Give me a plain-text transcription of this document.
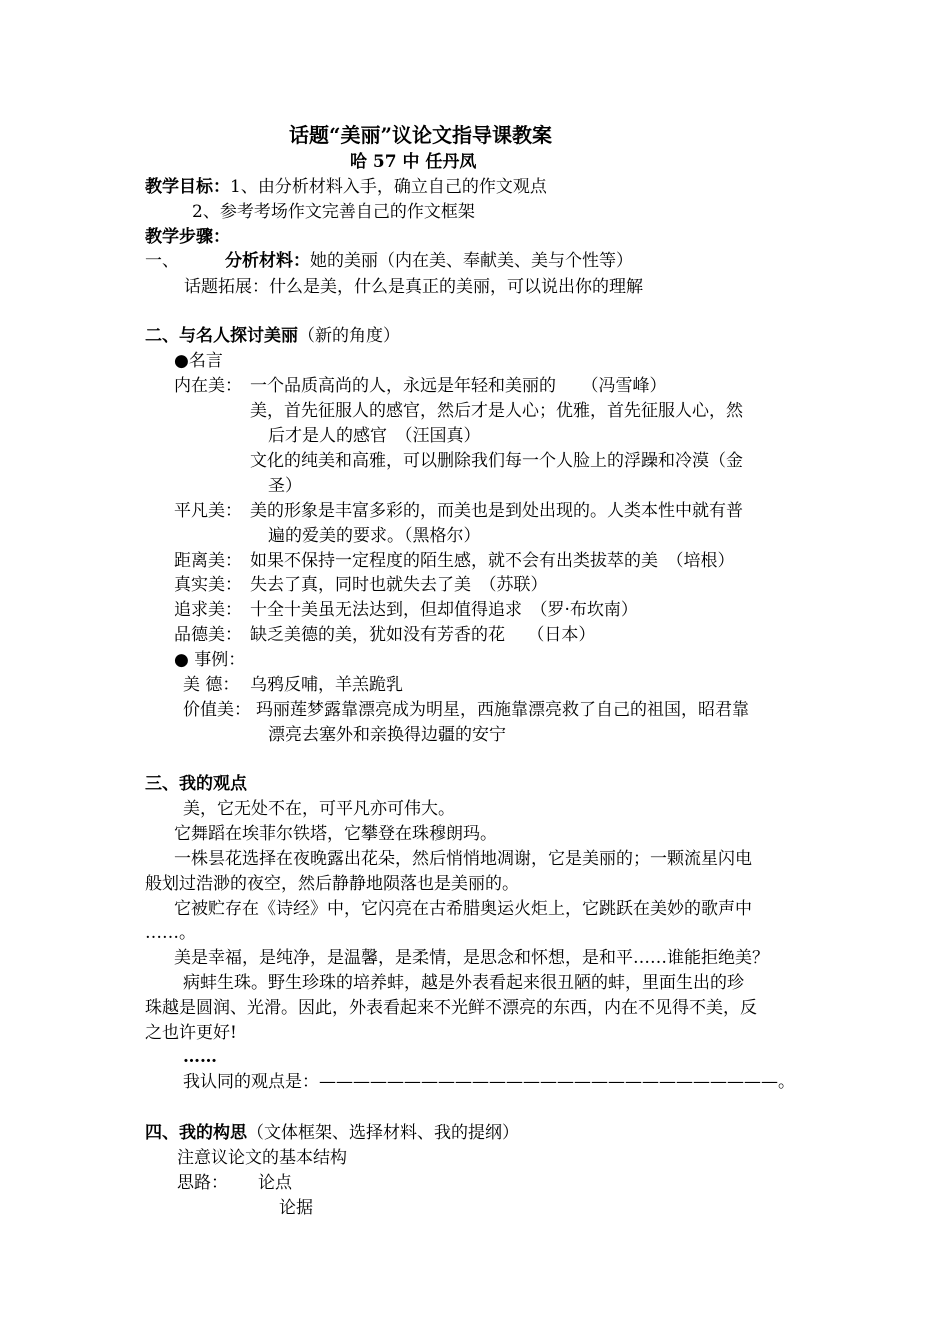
话题“美丽”议论文指导课教案
哈 57 中 任丹凤
教学目标：1、由分析材料入手，确立自己的作文观点
2、参考考场作文完善自己的作文框架
教学步骤：
一、	分析材料：她的美丽（内在美、奉献美、美与个性等）
话题拓展：什么是美，什么是真正的美丽，可以说出你的理解
二、与名人探讨美丽（新的角度）
●名言
内在美： 一个品质高尚的人，永远是年轻和美丽的　　（冯雪峰）
美，首先征服人的感官，然后才是人心；优雅，首先征服人心，然
后才是人的感官　（汪国真）
文化的纯美和高雅，可以删除我们每一个人脸上的浮躁和冷漠（金
圣）
平凡美： 美的形象是丰富多彩的，而美也是到处出现的。人类本性中就有普
遍的爱美的要求。（黑格尔）
距离美： 如果不保持一定程度的陌生感，就不会有出类拔萃的美　（培根）
真实美： 失去了真，同时也就失去了美　（苏联）
追求美： 十全十美虽无法达到，但却值得追求　（罗·布坎南）
品德美： 缺乏美德的美，犹如没有芳香的花　 （日本）
● 事例：
美 德： 乌鸦反哺，羊羔跪乳
价值美： 玛丽莲梦露靠漂亮成为明星，西施靠漂亮救了自己的祖国，昭君靠
漂亮去塞外和亲换得边疆的安宁
三、我的观点
美，它无处不在，可平凡亦可伟大。
它舞蹈在埃菲尔铁塔，它攀登在珠穆朗玛。
一株昙花选择在夜晚露出花朵，然后悄悄地凋谢，它是美丽的；一颗流星闪电
般划过浩渺的夜空，然后静静地陨落也是美丽的。
它被贮存在《诗经》中，它闪亮在古希腊奥运火炬上，它跳跃在美妙的歌声中
……。
美是幸福，是纯净，是温馨，是柔情，是思念和怀想，是和平……谁能拒绝美？
病蚌生珠。野生珍珠的培养蚌，越是外表看起来很丑陋的蚌，里面生出的珍
珠越是圆润、光滑。因此，外表看起来不光鲜不漂亮的东西，内在不见得不美，反
之也许更好!
……
我认同的观点是：———————————————————————————。
四、我的构思（文体框架、选择材料、我的提纲）
注意议论文的基本结构
思路： 论点
论据
